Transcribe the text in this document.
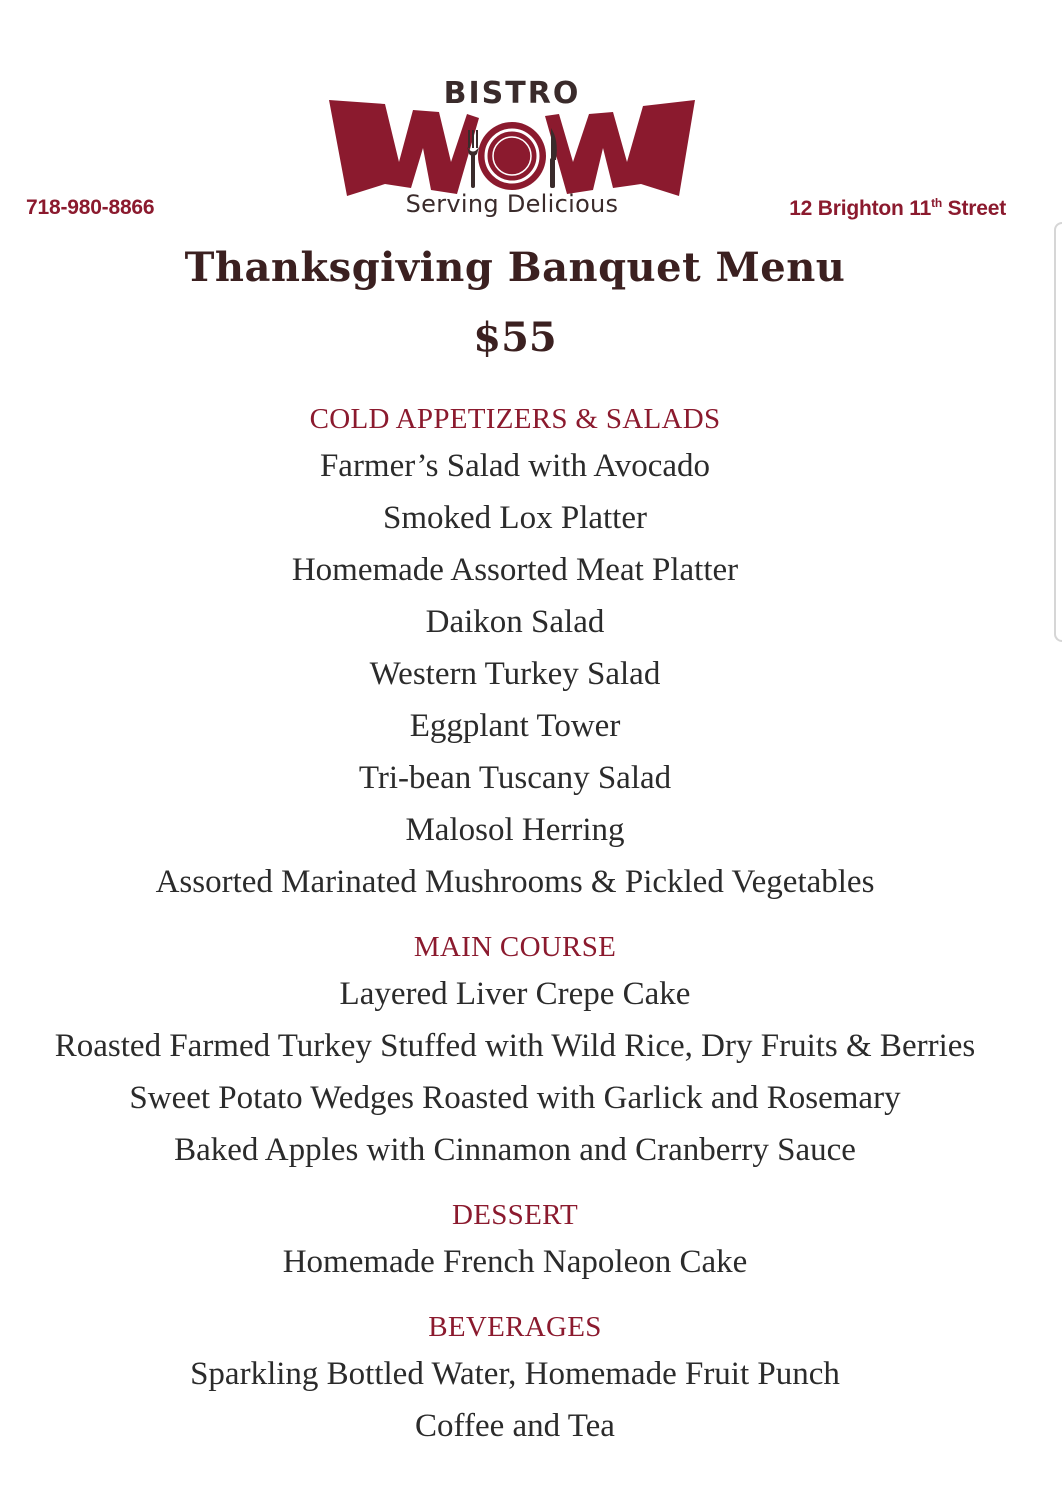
718-980-8866	12 Brighton 11th Street
BISTRO
Serving Delicious
Thanksgiving Banquet Menu
$55
COLD APPETIZERS & SALADS
Farmer’s Salad with Avocado
Smoked Lox Platter
Homemade Assorted Meat Platter
Daikon Salad
Western Turkey Salad
Eggplant Tower
Tri-bean Tuscany Salad
Malosol Herring
Assorted Marinated Mushrooms & Pickled Vegetables
MAIN COURSE
Layered Liver Crepe Cake
Roasted Farmed Turkey Stuffed with Wild Rice, Dry Fruits & Berries
Sweet Potato Wedges Roasted with Garlick and Rosemary
Baked Apples with Cinnamon and Cranberry Sauce
DESSERT
Homemade French Napoleon Cake
BEVERAGES
Sparkling Bottled Water, Homemade Fruit Punch
Coffee and Tea
